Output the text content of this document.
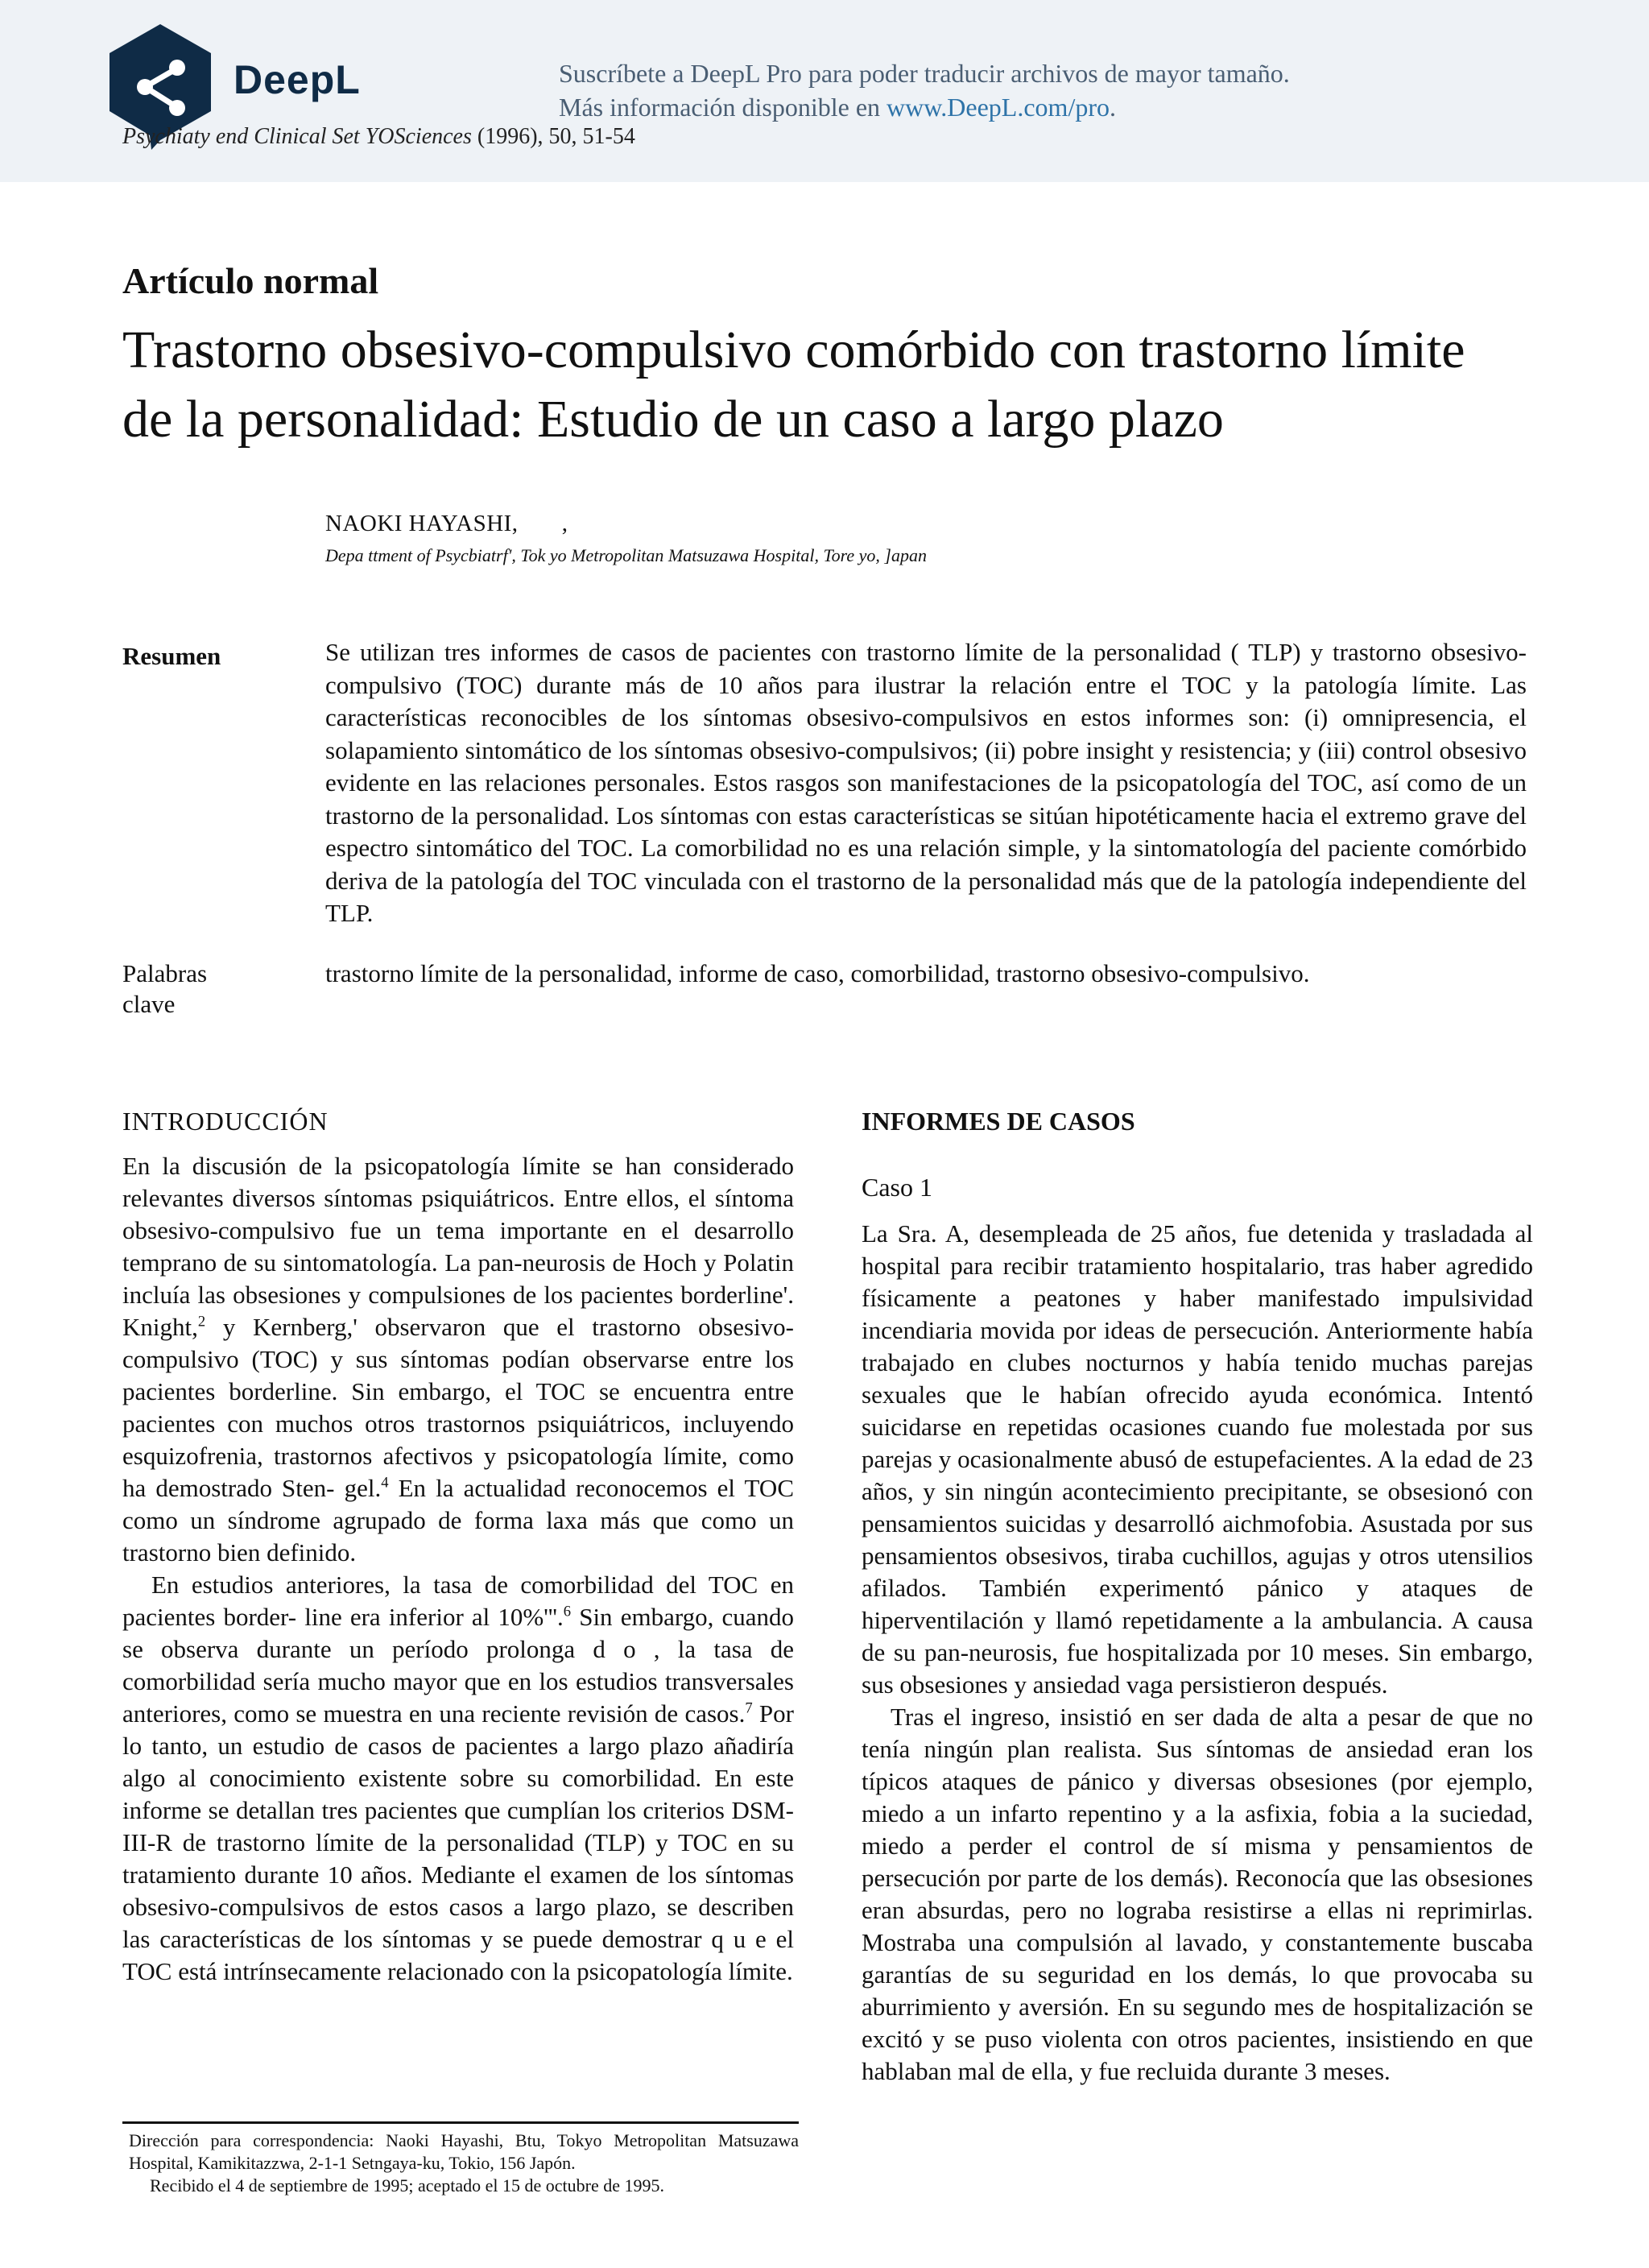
DeepL	Suscríbete a DeepL Pro para poder traducir archivos de mayor tamaño.
Más información disponible en www.DeepL.com/pro.
Psychiaty end Clinical Set YOSciences (1996), 50, 51-54
Artículo normal
Trastorno obsesivo-compulsivo comórbido con trastorno límite
de la personalidad: Estudio de un caso a largo plazo
NAOKI HAYASHI,       ,
Depa ttment of Psycbiatrf', Tok yo Metropolitan Matsuzawa Hospital, Tore yo, ]apan
Resumen	Se utilizan tres informes de casos de pacientes con trastorno límite de la personalidad ( TLP) y trastorno obsesivo-compulsivo (TOC) durante más de 10 años para ilustrar la relación entre el TOC y la patología límite. Las características reconocibles de los síntomas obsesivo-compulsivos en estos informes son: (i) omnipresencia, el solapamiento sintomático de los síntomas obsesivo-compulsivos; (ii) pobre insight y resistencia; y (iii) control obsesivo evidente en las relaciones personales. Estos rasgos son manifestaciones de la psicopatología del TOC, así como de un trastorno de la personalidad. Los síntomas con estas características se sitúan hipotéticamente hacia el extremo grave del espectro sintomático del TOC. La comorbilidad no es una relación simple, y la sintomatología del paciente comórbido deriva de la patología del TOC vinculada con el trastorno de la personalidad más que de la patología independiente del TLP.
Palabras
clave
trastorno límite de la personalidad, informe de caso, comorbilidad, trastorno obsesivo-compulsivo.
INTRODUCCIÓN

En la discusión de la psicopatología límite se han considerado relevantes diversos síntomas psiquiátricos. Entre ellos, el síntoma obsesivo-compulsivo fue un tema importante en el desarrollo temprano de su sintomatología. La pan-neurosis de Hoch y Polatin incluía las obsesiones y compulsiones de los pacientes borderline'. Knight,$^2$ y Kernberg,' observaron que el trastorno obsesivo-compulsivo (TOC) y sus síntomas podían observarse entre los pacientes borderline. Sin embargo, el TOC se encuentra entre pacientes con muchos otros trastornos psiquiátricos, incluyendo esquizofrenia, trastornos afectivos y psicopatología límite, como ha demostrado Sten- gel.$^4$ En la actualidad reconocemos el TOC como un síndrome agrupado de forma laxa más que como un trastorno bien definido.

En estudios anteriores, la tasa de comorbilidad del TOC en pacientes border- line era inferior al 10%'''.$^6$ Sin embargo, cuando se observa durante un período prolonga d o , la tasa de comorbilidad sería mucho mayor que en los estudios transversales anteriores, como se muestra en una reciente revisión de casos.$^7$ Por lo tanto, un estudio de casos de pacientes a largo plazo añadiría algo al conocimiento existente sobre su comorbilidad. En este informe se detallan tres pacientes que cumplían los criterios DSM-III-R de trastorno límite de la personalidad (TLP) y TOC en su tratamiento durante 10 años. Mediante el examen de los síntomas obsesivo-compulsivos de estos casos a largo plazo, se describen las características de los síntomas y se puede demostrar q u e el TOC está intrínsecamente relacionado con la psicopatología límite.

INFORMES DE CASOS
Caso 1

La Sra. A, desempleada de 25 años, fue detenida y trasladada al hospital para recibir tratamiento hospitalario, tras haber agredido físicamente a peatones y haber manifestado impulsividad incendiaria movida por ideas de persecución. Anteriormente había trabajado en clubes nocturnos y había tenido muchas parejas sexuales que le habían ofrecido ayuda económica. Intentó suicidarse en repetidas ocasiones cuando fue molestada por sus parejas y ocasionalmente abusó de estupefacientes. A la edad de 23 años, y sin ningún acontecimiento precipitante, se obsesionó con pensamientos suicidas y desarrolló aichmofobia. Asustada por sus pensamientos obsesivos, tiraba cuchillos, agujas y otros utensilios afilados. También experimentó pánico y ataques de hiperventilación y llamó repetidamente a la ambulancia. A causa de su pan-neurosis, fue hospitalizada por 10 meses. Sin embargo, sus obsesiones y ansiedad vaga persistieron después.

Tras el ingreso, insistió en ser dada de alta a pesar de que no tenía ningún plan realista. Sus síntomas de ansiedad eran los típicos ataques de pánico y diversas obsesiones (por ejemplo, miedo a un infarto repentino y a la asfixia, fobia a la suciedad, miedo a perder el control de sí misma y pensamientos de persecución por parte de los demás). Reconocía que las obsesiones eran absurdas, pero no lograba resistirse a ellas ni reprimirlas. Mostraba una compulsión al lavado, y constantemente buscaba garantías de su seguridad en los demás, lo que provocaba su aburrimiento y aversión. En su segundo mes de hospitalización se excitó y se puso violenta con otros pacientes, insistiendo en que hablaban mal de ella, y fue recluida durante 3 meses.

Dirección para correspondencia: Naoki Hayashi, Btu, Tokyo Metropolitan Matsuzawa Hospital, Kamikitazzwa, 2-1-1 Setngaya-ku, Tokio, 156 Japón.

Recibido el 4 de septiembre de 1995; aceptado el 15 de octubre de 1995.
